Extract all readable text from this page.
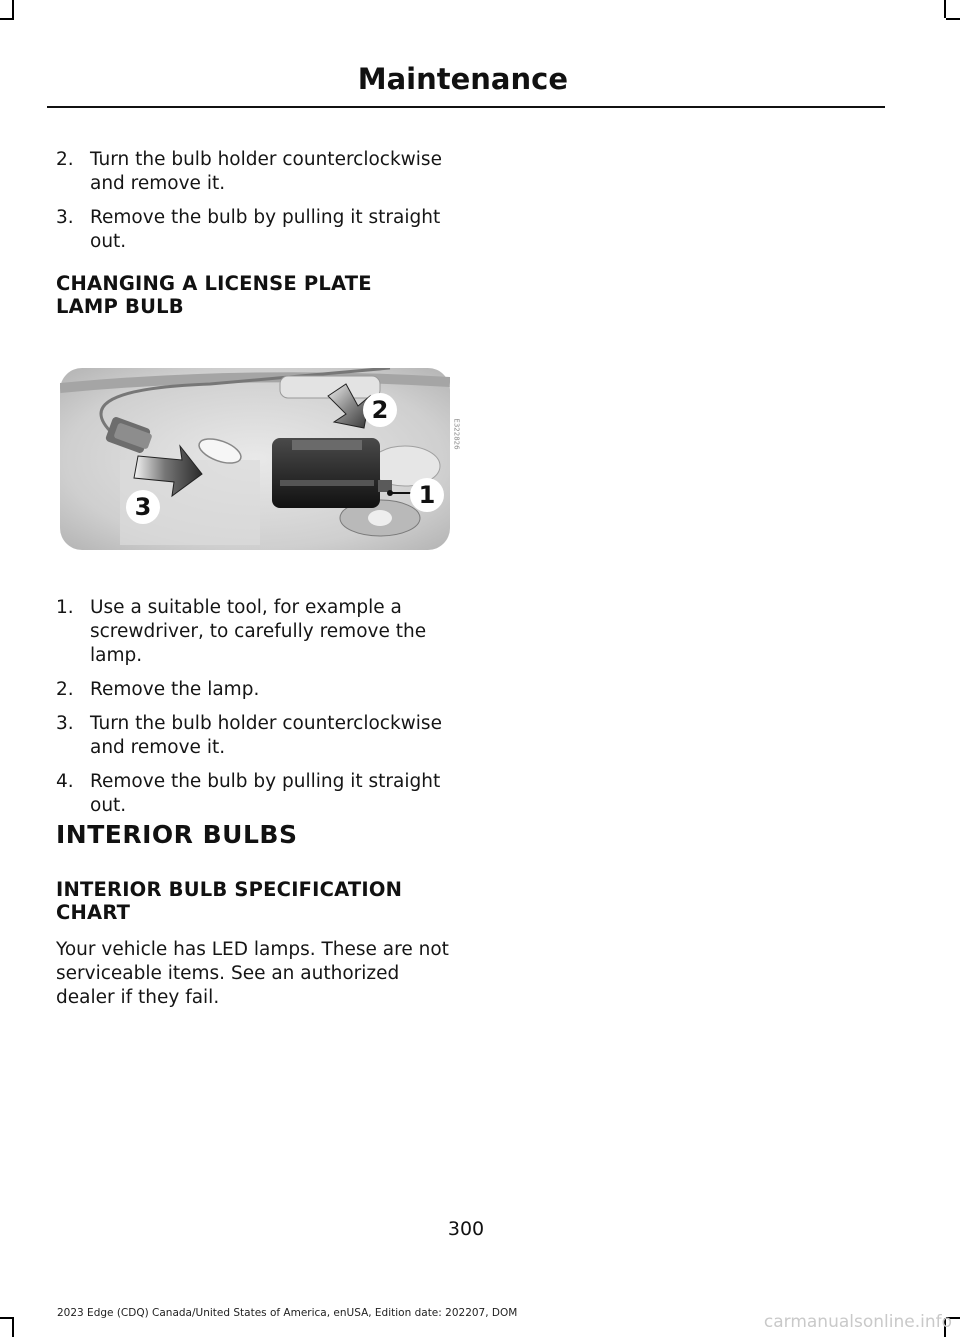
Maintenance
2. Turn the bulb holder counterclockwise and remove it.
3. Remove the bulb by pulling it straight out.
CHANGING A LICENSE PLATE
LAMP BULB
1
2
3
E322826
1. Use a suitable tool, for example a screwdriver, to carefully remove the lamp.
2. Remove the lamp.
3. Turn the bulb holder counterclockwise and remove it.
4. Remove the bulb by pulling it straight out.
INTERIOR BULBS
INTERIOR BULB SPECIFICATION
CHART
Your vehicle has LED lamps. These are not serviceable items. See an authorized dealer if they fail.
300
2023 Edge (CDQ) Canada/United States of America, enUSA, Edition date: 202207, DOM	carmanualsonline.info
